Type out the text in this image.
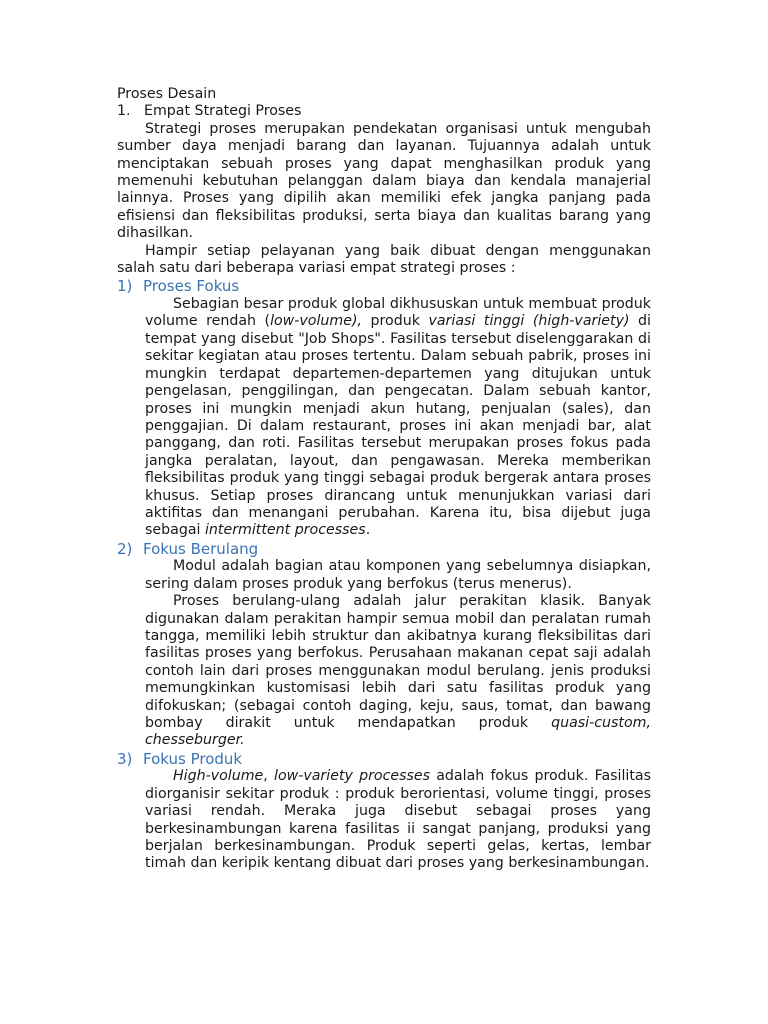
Proses Desain

1. Empat Strategi Proses

Strategi proses merupakan pendekatan organisasi untuk mengubah sumber daya menjadi barang dan layanan. Tujuannya adalah untuk menciptakan sebuah proses yang dapat menghasilkan produk yang memenuhi kebutuhan pelanggan dalam biaya dan kendala manajerial lainnya. Proses yang dipilih akan memiliki efek jangka panjang pada efisiensi dan fleksibilitas produksi, serta biaya dan kualitas barang yang dihasilkan.

Hampir setiap pelayanan yang baik dibuat dengan menggunakan salah satu dari beberapa variasi empat strategi proses :

1) Proses Fokus

Sebagian besar produk global dikhususkan untuk membuat produk volume rendah (low-volume), produk variasi tinggi (high-variety) di tempat yang disebut "Job Shops". Fasilitas tersebut diselenggarakan di sekitar kegiatan atau proses tertentu. Dalam sebuah pabrik, proses ini mungkin terdapat departemen-departemen yang ditujukan untuk pengelasan, penggilingan, dan pengecatan. Dalam sebuah kantor, proses ini mungkin menjadi akun hutang, penjualan (sales), dan penggajian. Di dalam restaurant, proses ini akan menjadi bar, alat panggang, dan roti. Fasilitas tersebut merupakan proses fokus pada jangka peralatan, layout, dan pengawasan. Mereka memberikan fleksibilitas produk yang tinggi sebagai produk bergerak antara proses khusus. Setiap proses dirancang untuk menunjukkan variasi dari aktifitas dan menangani perubahan. Karena itu, bisa dijebut juga sebagai intermittent processes.

2) Fokus Berulang

Modul adalah bagian atau komponen yang sebelumnya disiapkan, sering dalam proses produk yang berfokus (terus menerus).

Proses berulang-ulang adalah jalur perakitan klasik. Banyak digunakan dalam perakitan hampir semua mobil dan peralatan rumah tangga, memiliki lebih struktur dan akibatnya kurang fleksibilitas dari fasilitas proses yang berfokus. Perusahaan makanan cepat saji adalah contoh lain dari proses menggunakan modul berulang. jenis produksi memungkinkan kustomisasi lebih dari satu fasilitas produk yang difokuskan; (sebagai contoh daging, keju, saus, tomat, dan bawang bombay dirakit untuk mendapatkan produk quasi-custom, chesseburger.

3) Fokus Produk

High-volume, low-variety processes adalah fokus produk. Fasilitas diorganisir sekitar produk : produk berorientasi, volume tinggi, proses variasi rendah. Meraka juga disebut sebagai proses yang berkesinambungan karena fasilitas ii sangat panjang, produksi yang berjalan berkesinambungan. Produk seperti gelas, kertas, lembar timah dan keripik kentang dibuat dari proses yang berkesinambungan.
